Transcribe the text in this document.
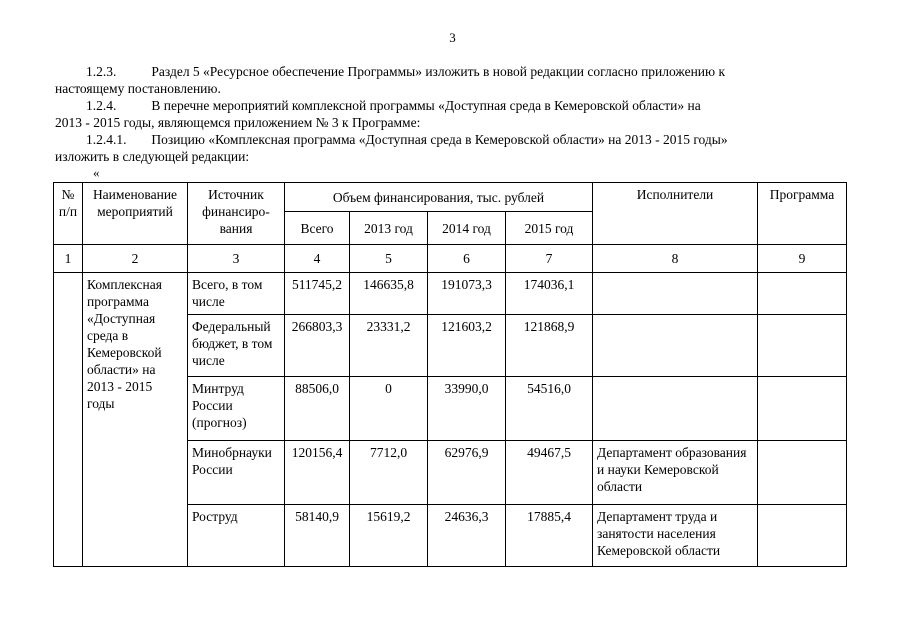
3

1.2.3.	Раздел 5 «Ресурсное обеспечение Программы» изложить в новой редакции согласно приложению к
настоящему постановлению.

1.2.4.	В перечне мероприятий комплексной программы «Доступная среда в Кемеровской области» на
2013 - 2015 годы, являющемся приложением № 3 к Программе:

1.2.4.1. Позицию «Комплексная программа «Доступная среда в Кемеровской области» на 2013 - 2015 годы»
изложить в следующей редакции:

«
№ п/п	Наименование мероприятий	Источник финансиро-вания	Объем финансирования, тыс. рублей				Исполнители	Программа
			Всего	2013 год	2014 год	2015 год		
1	2	3	4	5	6	7	8	9
	Комплексная программа «Доступная среда в Кемеровской области» на 2013 - 2015 годы	Всего, в том числе	511745,2	146635,8	191073,3	174036,1		
		Федеральный бюджет, в том числе	266803,3	23331,2	121603,2	121868,9		
		Минтруд России (прогноз)	88506,0	0	33990,0	54516,0		
		Минобрнауки России	120156,4	7712,0	62976,9	49467,5	Департамент образования и науки Кемеровской области	
		Роструд	58140,9	15619,2	24636,3	17885,4	Департамент труда и занятости населения Кемеровской области	
